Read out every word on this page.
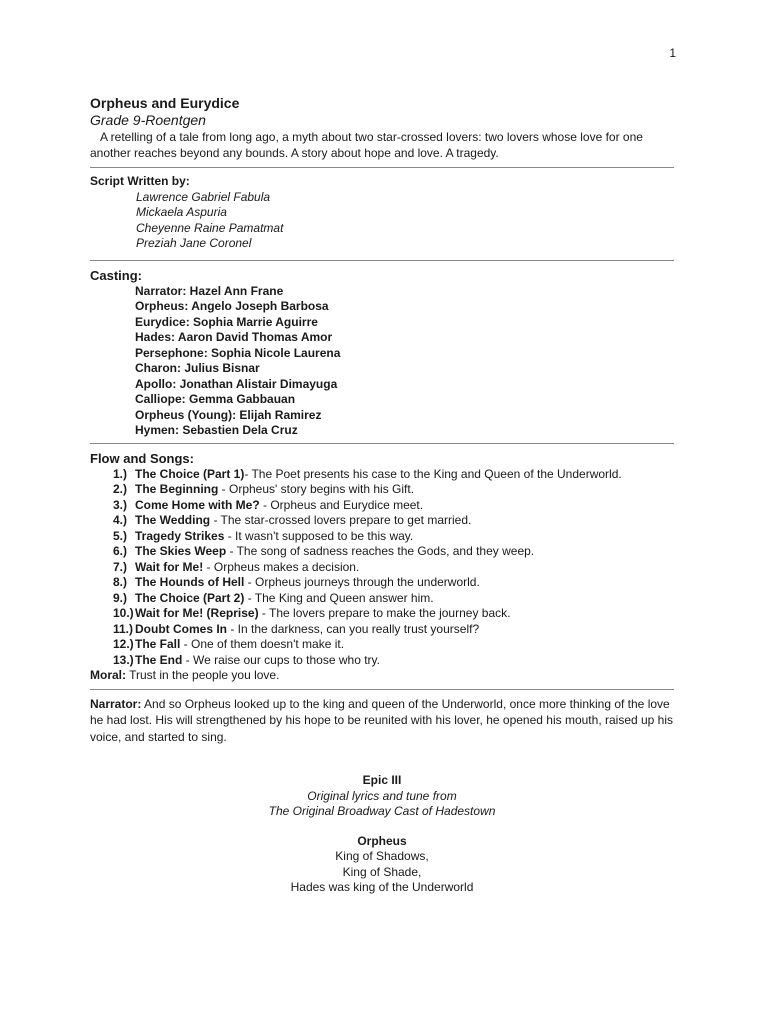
1
Orpheus and Eurydice
Grade 9-Roentgen
A retelling of a tale from long ago, a myth about two star-crossed lovers: two lovers whose love for one another reaches beyond any bounds. A story about hope and love. A tragedy.
Script Written by:
Lawrence Gabriel Fabula
Mickaela Aspuria
Cheyenne Raine Pamatmat
Preziah Jane Coronel
Casting:
Narrator: Hazel Ann Frane
Orpheus: Angelo Joseph Barbosa
Eurydice: Sophia Marrie Aguirre
Hades: Aaron David Thomas Amor
Persephone: Sophia Nicole Laurena
Charon: Julius Bisnar
Apollo: Jonathan Alistair Dimayuga
Calliope: Gemma Gabbauan
Orpheus (Young): Elijah Ramirez
Hymen: Sebastien Dela Cruz
Flow and Songs:
1.) The Choice (Part 1)- The Poet presents his case to the King and Queen of the Underworld.
2.) The Beginning - Orpheus' story begins with his Gift.
3.) Come Home with Me? - Orpheus and Eurydice meet.
4.) The Wedding - The star-crossed lovers prepare to get married.
5.) Tragedy Strikes - It wasn't supposed to be this way.
6.) The Skies Weep - The song of sadness reaches the Gods, and they weep.
7.) Wait for Me! - Orpheus makes a decision.
8.) The Hounds of Hell - Orpheus journeys through the underworld.
9.) The Choice (Part 2) - The King and Queen answer him.
10.) Wait for Me! (Reprise) - The lovers prepare to make the journey back.
11.) Doubt Comes In - In the darkness, can you really trust yourself?
12.) The Fall - One of them doesn't make it.
13.) The End - We raise our cups to those who try.
Moral: Trust in the people you love.
Narrator: And so Orpheus looked up to the king and queen of the Underworld, once more thinking of the love he had lost. His will strengthened by his hope to be reunited with his lover, he opened his mouth, raised up his voice, and started to sing.
Epic III
Original lyrics and tune from
The Original Broadway Cast of Hadestown
Orpheus
King of Shadows,
King of Shade,
Hades was king of the Underworld
